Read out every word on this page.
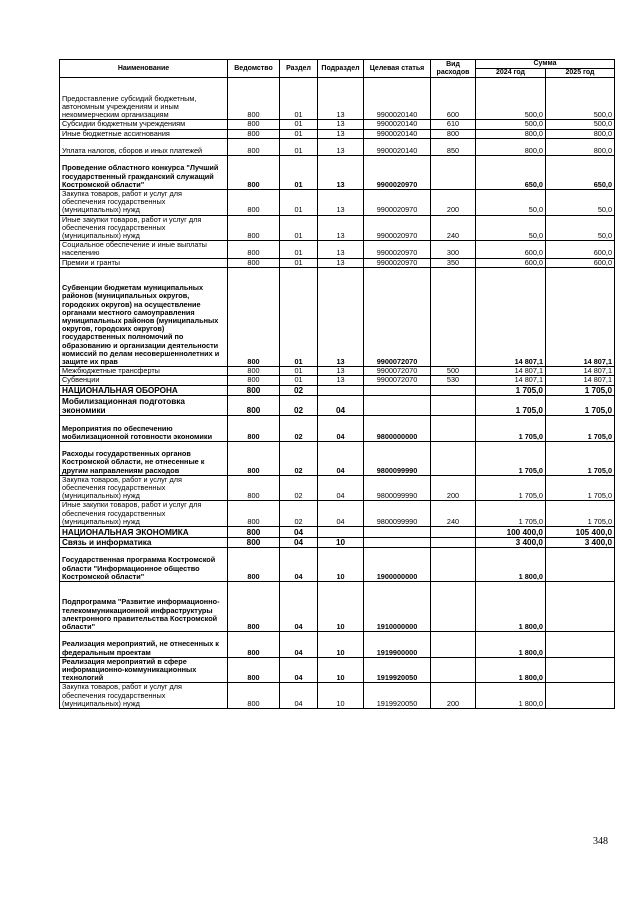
Наименование	Ведомство	Раздел	Подраздел	Целевая статья	Вид расходов	Сумма	
						2024 год	2025 год
Предоставление субсидий бюджетным, автономным учреждениям и иным некоммерческим организациям	800	01	13	9900020140	600	500,0	500,0
Субсидии бюджетным учреждениям	800	01	13	9900020140	610	500,0	500,0
Иные бюджетные ассигнования	800	01	13	9900020140	800	800,0	800,0
Уплата налогов, сборов и иных платежей	800	01	13	9900020140	850	800,0	800,0
Проведение областного конкурса "Лучший государственный гражданский служащий Костромской области"	800	01	13	9900020970		650,0	650,0
Закупка товаров, работ и услуг для обеспечения государственных (муниципальных) нужд	800	01	13	9900020970	200	50,0	50,0
Иные закупки товаров, работ и услуг для обеспечения государственных (муниципальных) нужд	800	01	13	9900020970	240	50,0	50,0
Социальное обеспечение и иные выплаты населению	800	01	13	9900020970	300	600,0	600,0
Премии и гранты	800	01	13	9900020970	350	600,0	600,0
Субвенции бюджетам муниципальных районов (муниципальных округов, городских округов) на осуществление органами местного самоуправления муниципальных районов (муниципальных округов, городских округов) государственных полномочий по образованию и организации деятельности комиссий по делам несовершеннолетних и защите их прав	800	01	13	9900072070		14 807,1	14 807,1
Межбюджетные трансферты	800	01	13	9900072070	500	14 807,1	14 807,1
Субвенции	800	01	13	9900072070	530	14 807,1	14 807,1
НАЦИОНАЛЬНАЯ ОБОРОНА	800	02				1 705,0	1 705,0
Мобилизационная подготовка экономики	800	02	04			1 705,0	1 705,0
Мероприятия по обеспечению мобилизационной готовности экономики	800	02	04	9800000000		1 705,0	1 705,0
Расходы государственных органов Костромской области, не отнесенные к другим направлениям расходов	800	02	04	9800099990		1 705,0	1 705,0
Закупка товаров, работ и услуг для обеспечения государственных (муниципальных) нужд	800	02	04	9800099990	200	1 705,0	1 705,0
Иные закупки товаров, работ и услуг для обеспечения государственных (муниципальных) нужд	800	02	04	9800099990	240	1 705,0	1 705,0
НАЦИОНАЛЬНАЯ ЭКОНОМИКА	800	04				100 400,0	105 400,0
Связь и информатика	800	04	10			3 400,0	3 400,0
Государственная программа Костромской области "Информационное общество Костромской области"	800	04	10	1900000000		1 800,0	
Подпрограмма "Развитие информационно-телекоммуникационной инфраструктуры электронного правительства Костромской области"	800	04	10	1910000000		1 800,0	
Реализация мероприятий, не отнесенных к федеральным проектам	800	04	10	1919900000		1 800,0	
Реализация мероприятий в сфере информационно-коммуникационных технологий	800	04	10	1919920050		1 800,0	
Закупка товаров, работ и услуг для обеспечения государственных (муниципальных) нужд	800	04	10	1919920050	200	1 800,0	
348
